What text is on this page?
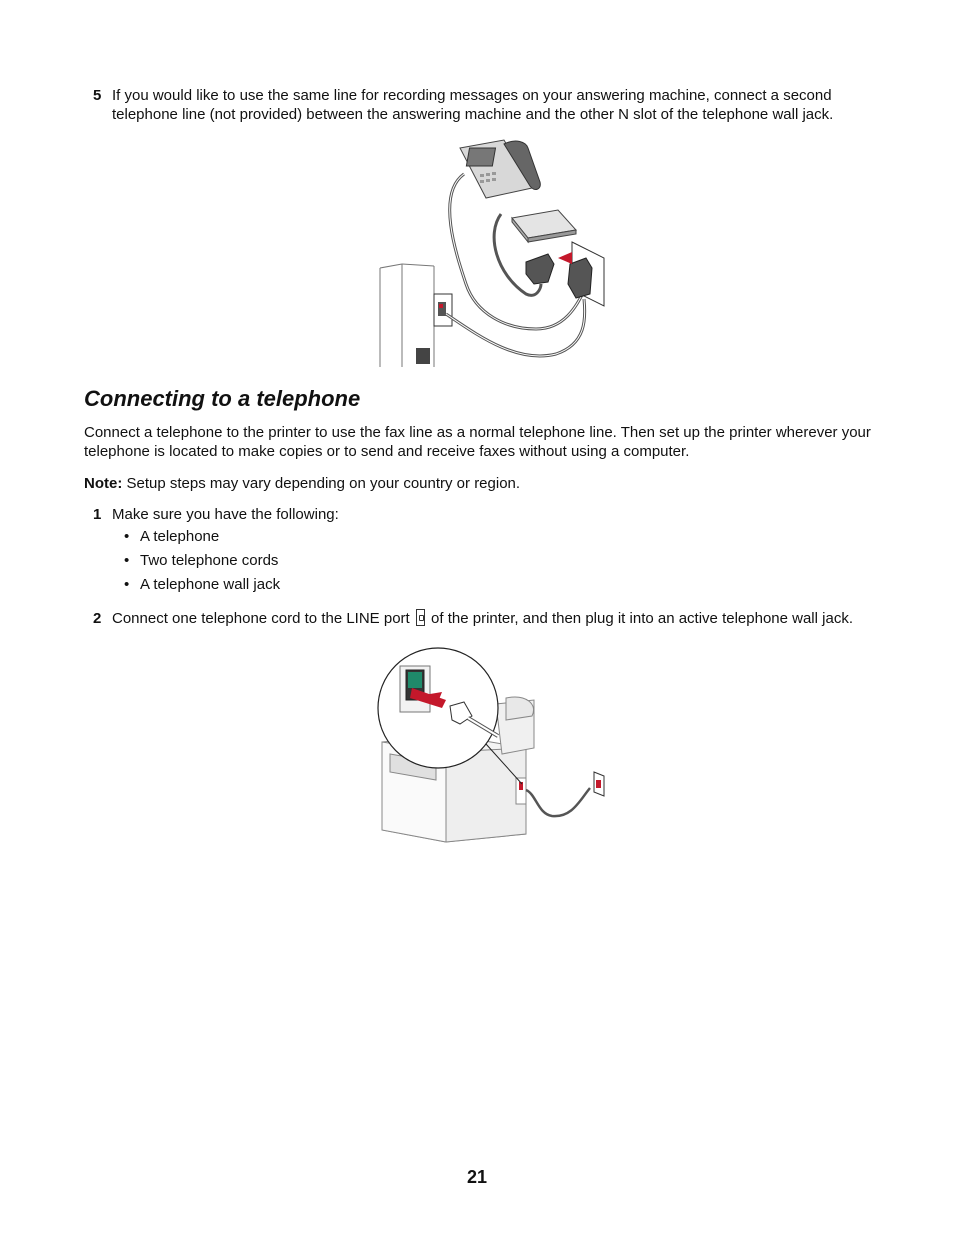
5 If you would like to use the same line for recording messages on your answering machine, connect a second telephone line (not provided) between the answering machine and the other N slot of the telephone wall jack.
Connecting to a telephone
Connect a telephone to the printer to use the fax line as a normal telephone line. Then set up the printer wherever your telephone is located to make copies or to send and receive faxes without using a computer.
Note: Setup steps may vary depending on your country or region.
1 Make sure you have the following:
• A telephone
• Two telephone cords
• A telephone wall jack
2 Connect one telephone cord to the LINE port  of the printer, and then plug it into an active telephone wall jack.
21
